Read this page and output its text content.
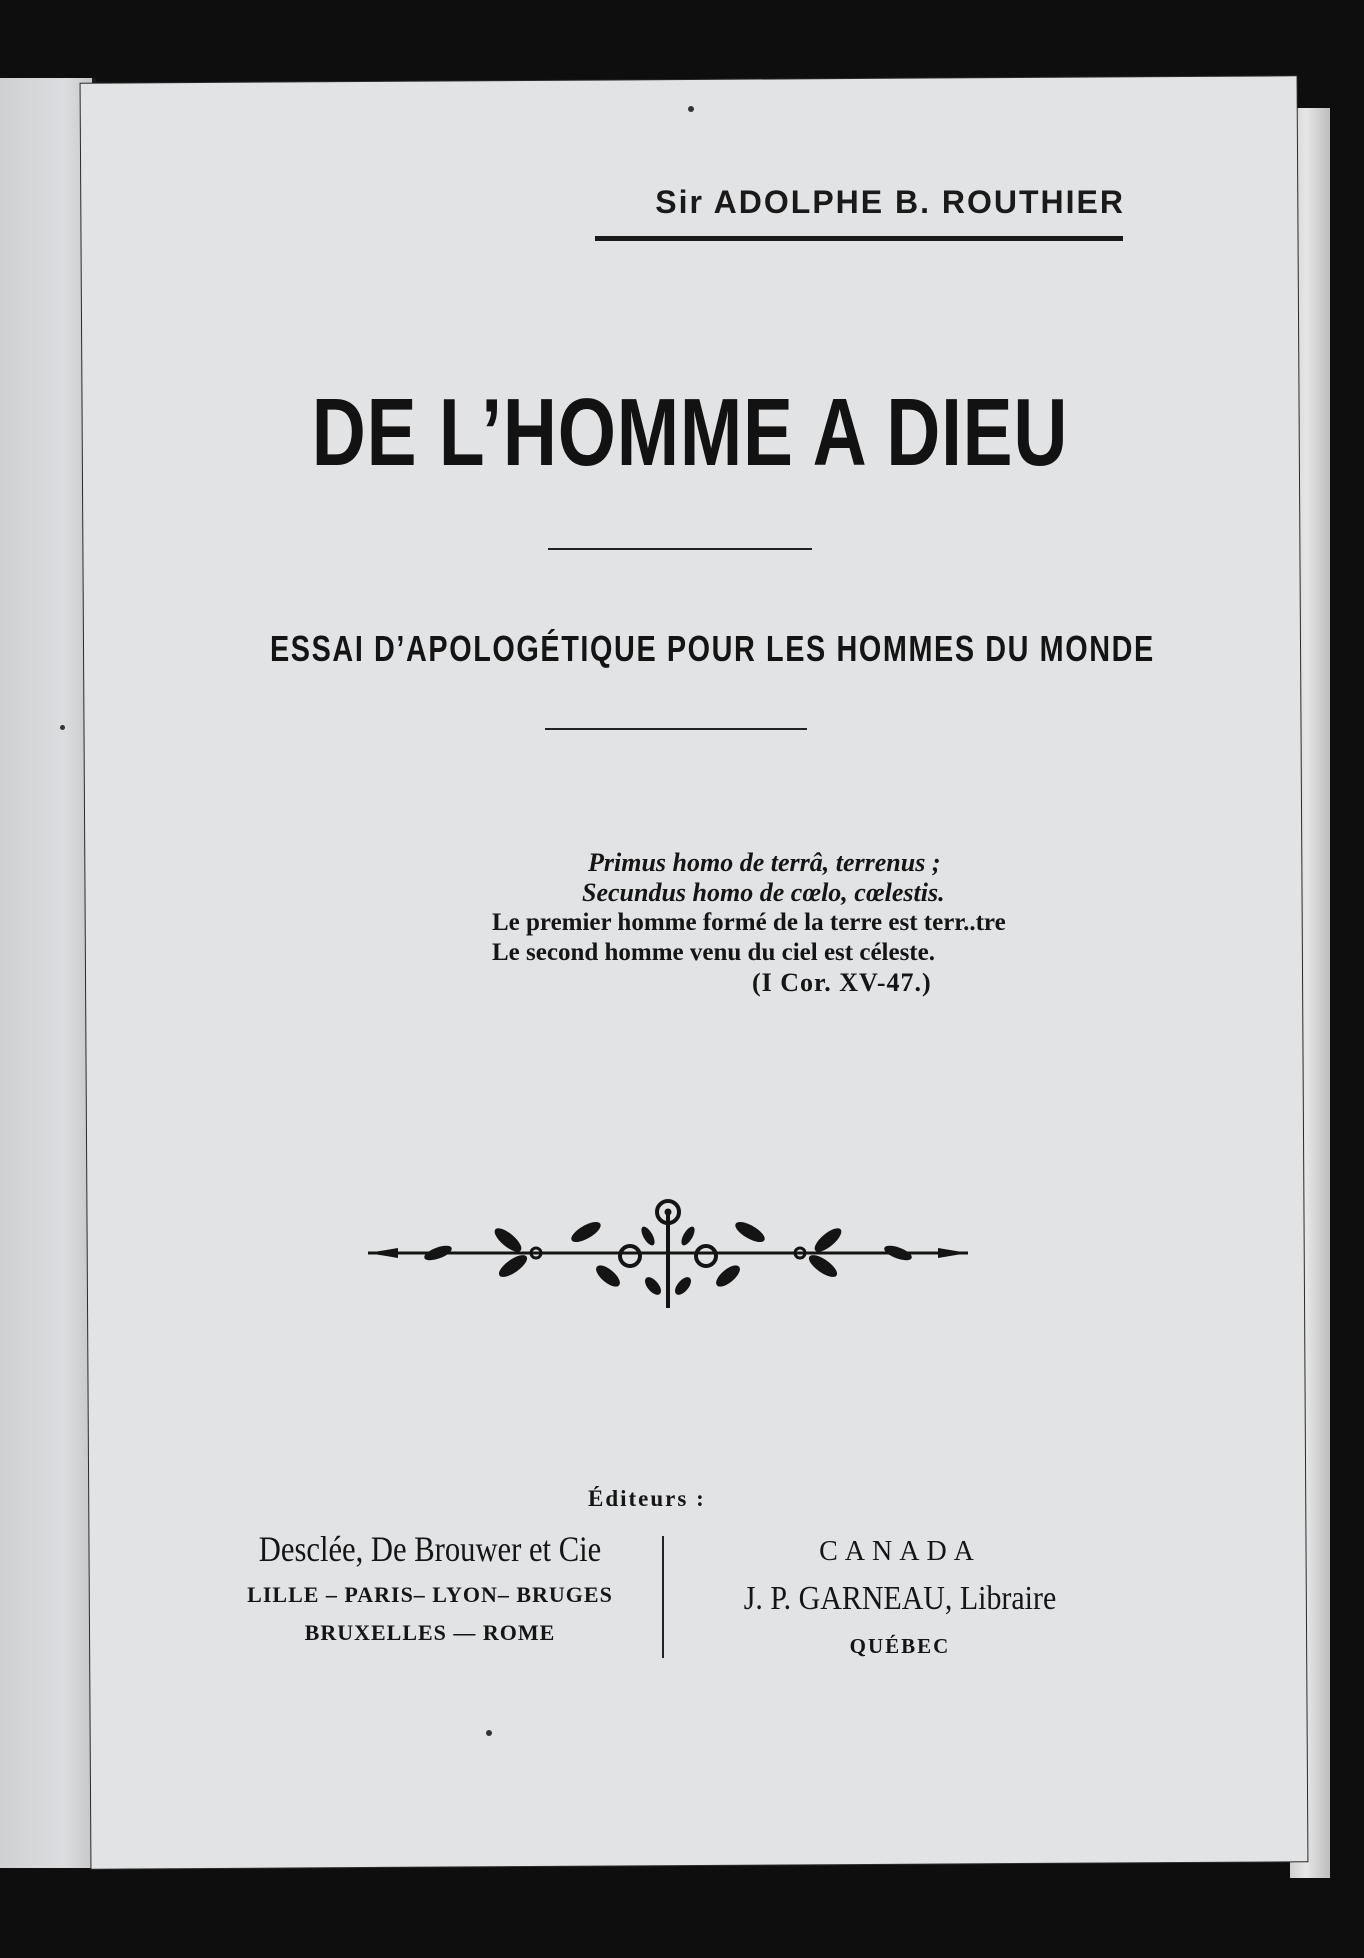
Sir ADOLPHE B. ROUTHIER
DE L’HOMME A DIEU
ESSAI D’APOLOGÉTIQUE POUR LES HOMMES DU MONDE
Primus homo de terrâ, terrenus ;
Secundus homo de cœlo, cœlestis.
Le premier homme formé de la terre est terr..tre
Le second homme venu du ciel est céleste.
(I Cor. XV-47.)
Éditeurs :
Desclée, De Brouwer et Cie
LILLE – PARIS– LYON– BRUGES
BRUXELLES — ROME
CANADA
J. P. GARNEAU, Libraire
QUÉBEC
